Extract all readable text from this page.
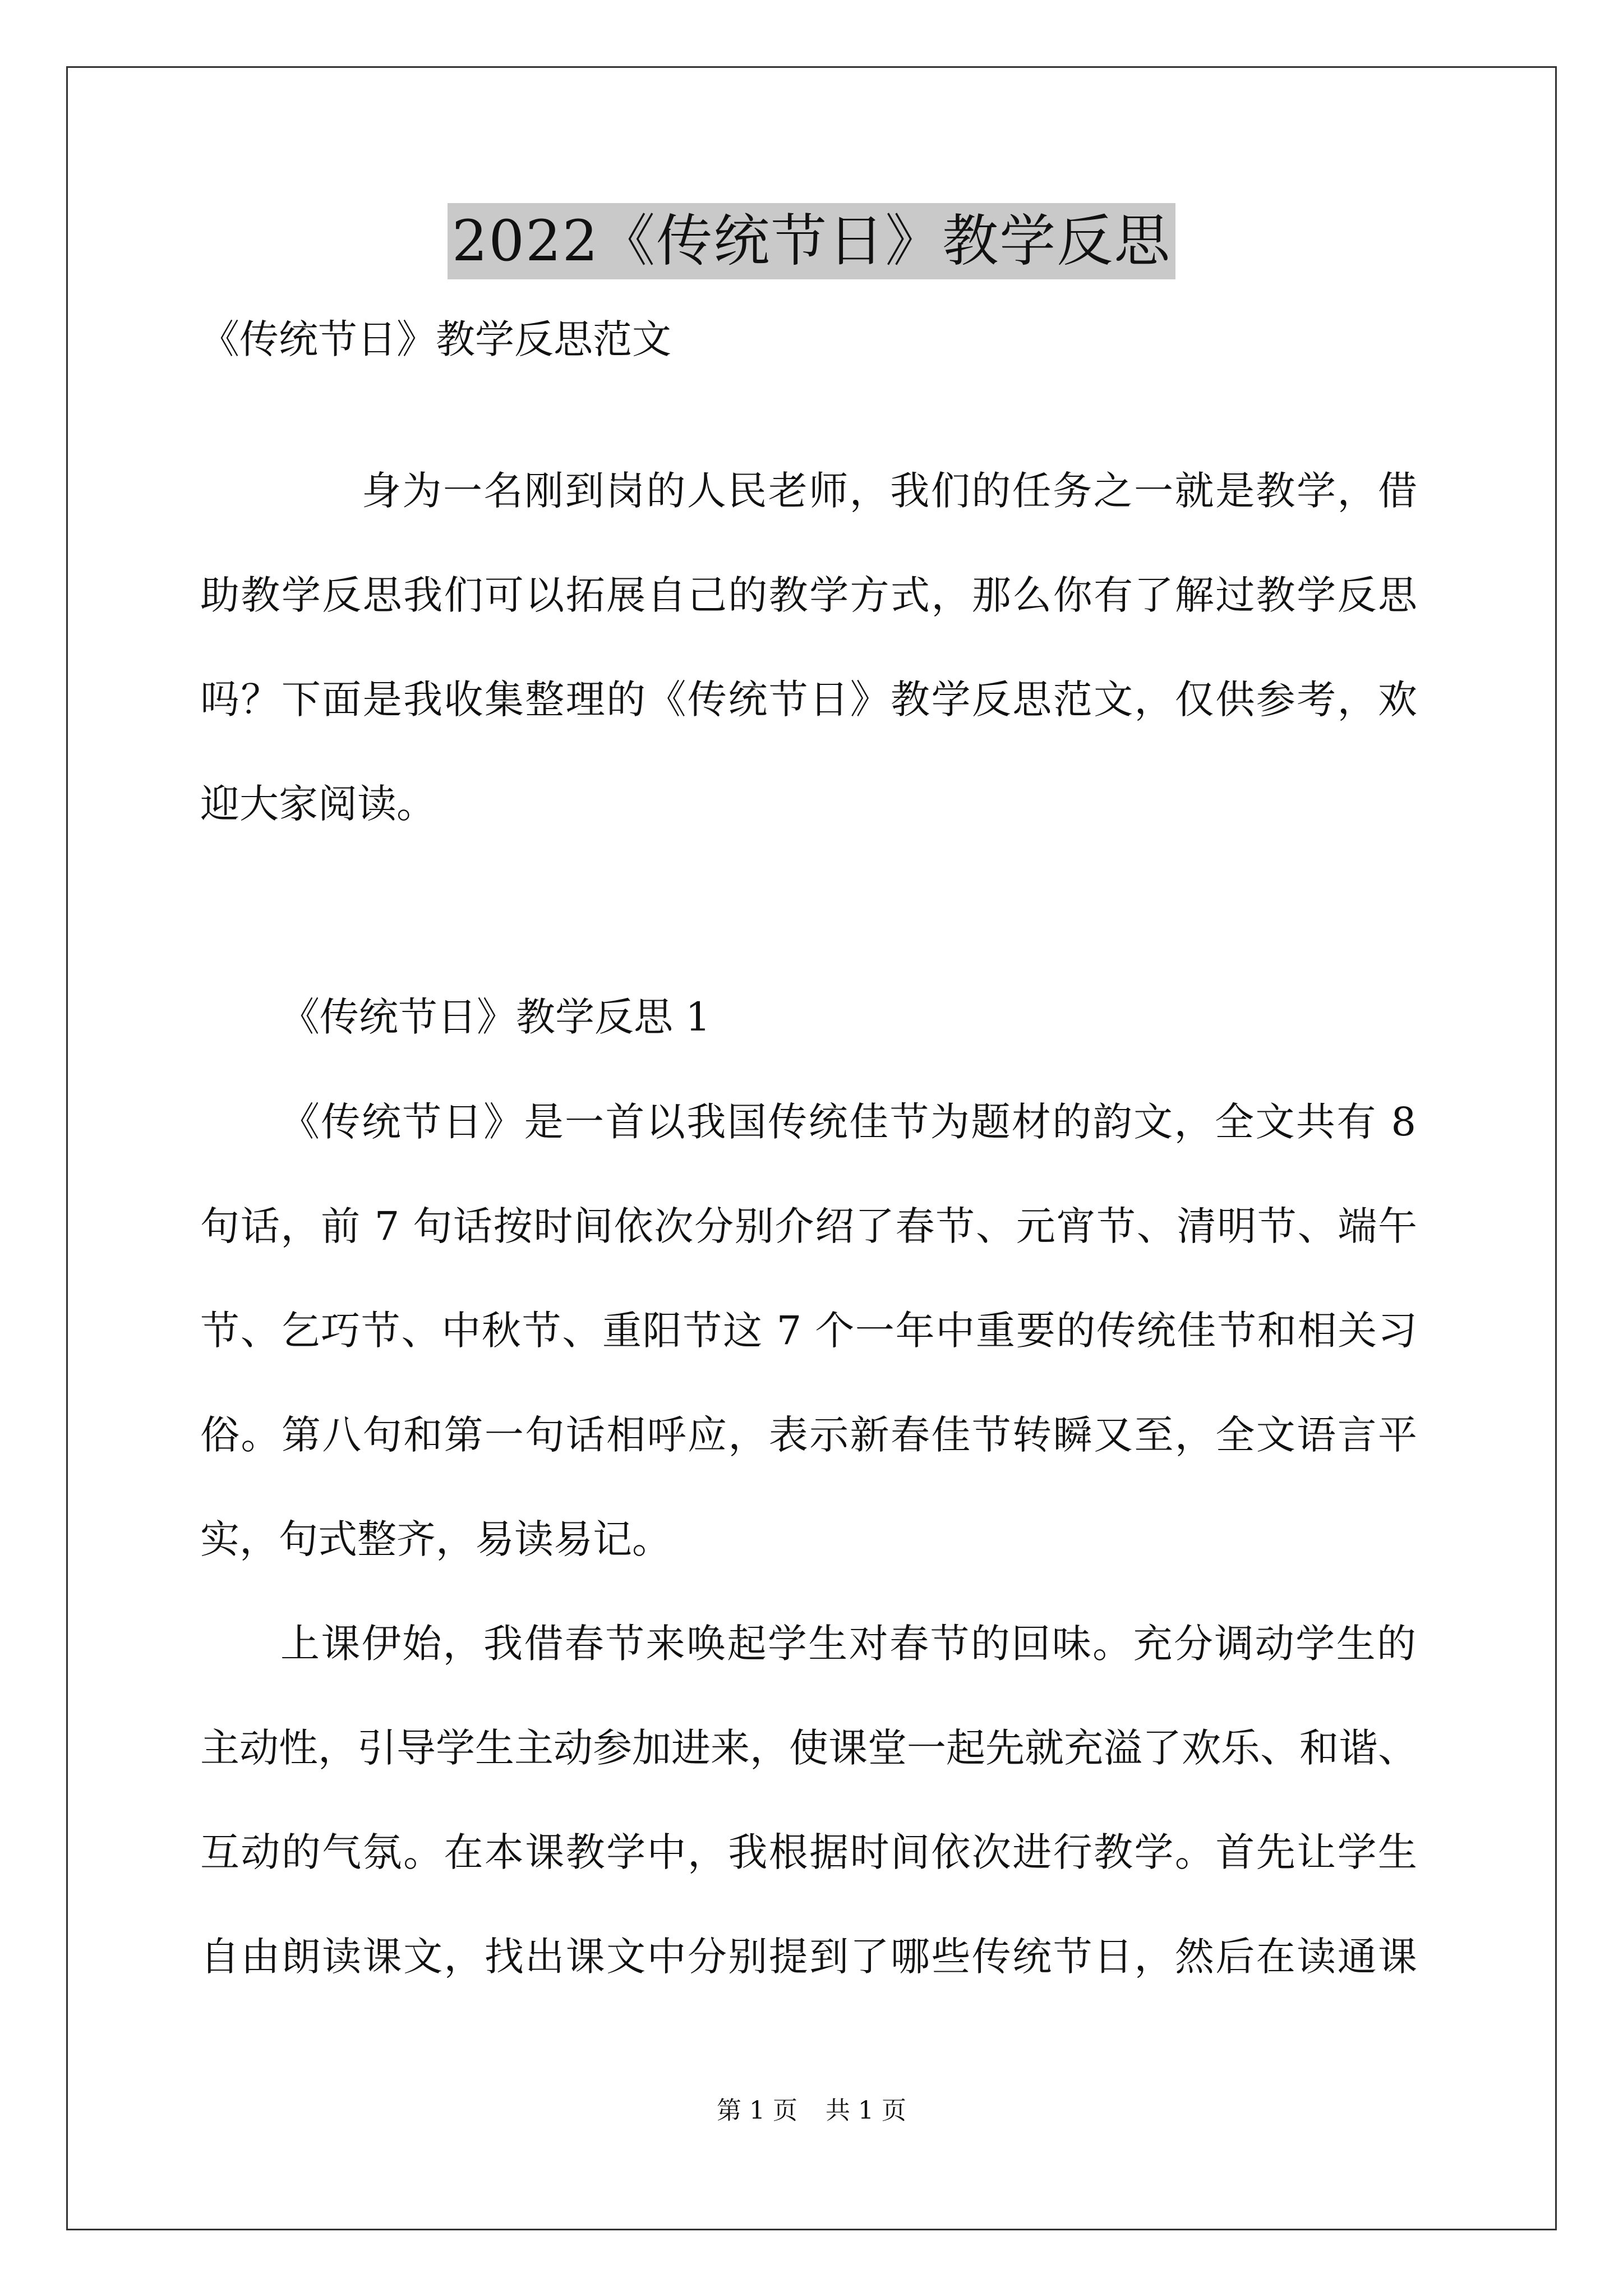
2022《传统节日》教学反思
《传统节日》教学反思范文
身为一名刚到岗的人民老师，我们的任务之一就是教学，借
助教学反思我们可以拓展自己的教学方式，那么你有了解过教学反思
吗？下面是我收集整理的《传统节日》教学反思范文，仅供参考，欢
迎大家阅读。
《传统节日》教学反思 1
《传统节日》是一首以我国传统佳节为题材的韵文，全文共有 8
句话，前 7 句话按时间依次分别介绍了春节、元宵节、清明节、端午
节、乞巧节、中秋节、重阳节这 7 个一年中重要的传统佳节和相关习
俗。第八句和第一句话相呼应，表示新春佳节转瞬又至，全文语言平
实，句式整齐，易读易记。
上课伊始，我借春节来唤起学生对春节的回味。充分调动学生的
主动性，引导学生主动参加进来，使课堂一起先就充溢了欢乐、和谐、
互动的气氛。在本课教学中，我根据时间依次进行教学。首先让学生
自由朗读课文，找出课文中分别提到了哪些传统节日，然后在读通课
第 1 页 共 1 页
